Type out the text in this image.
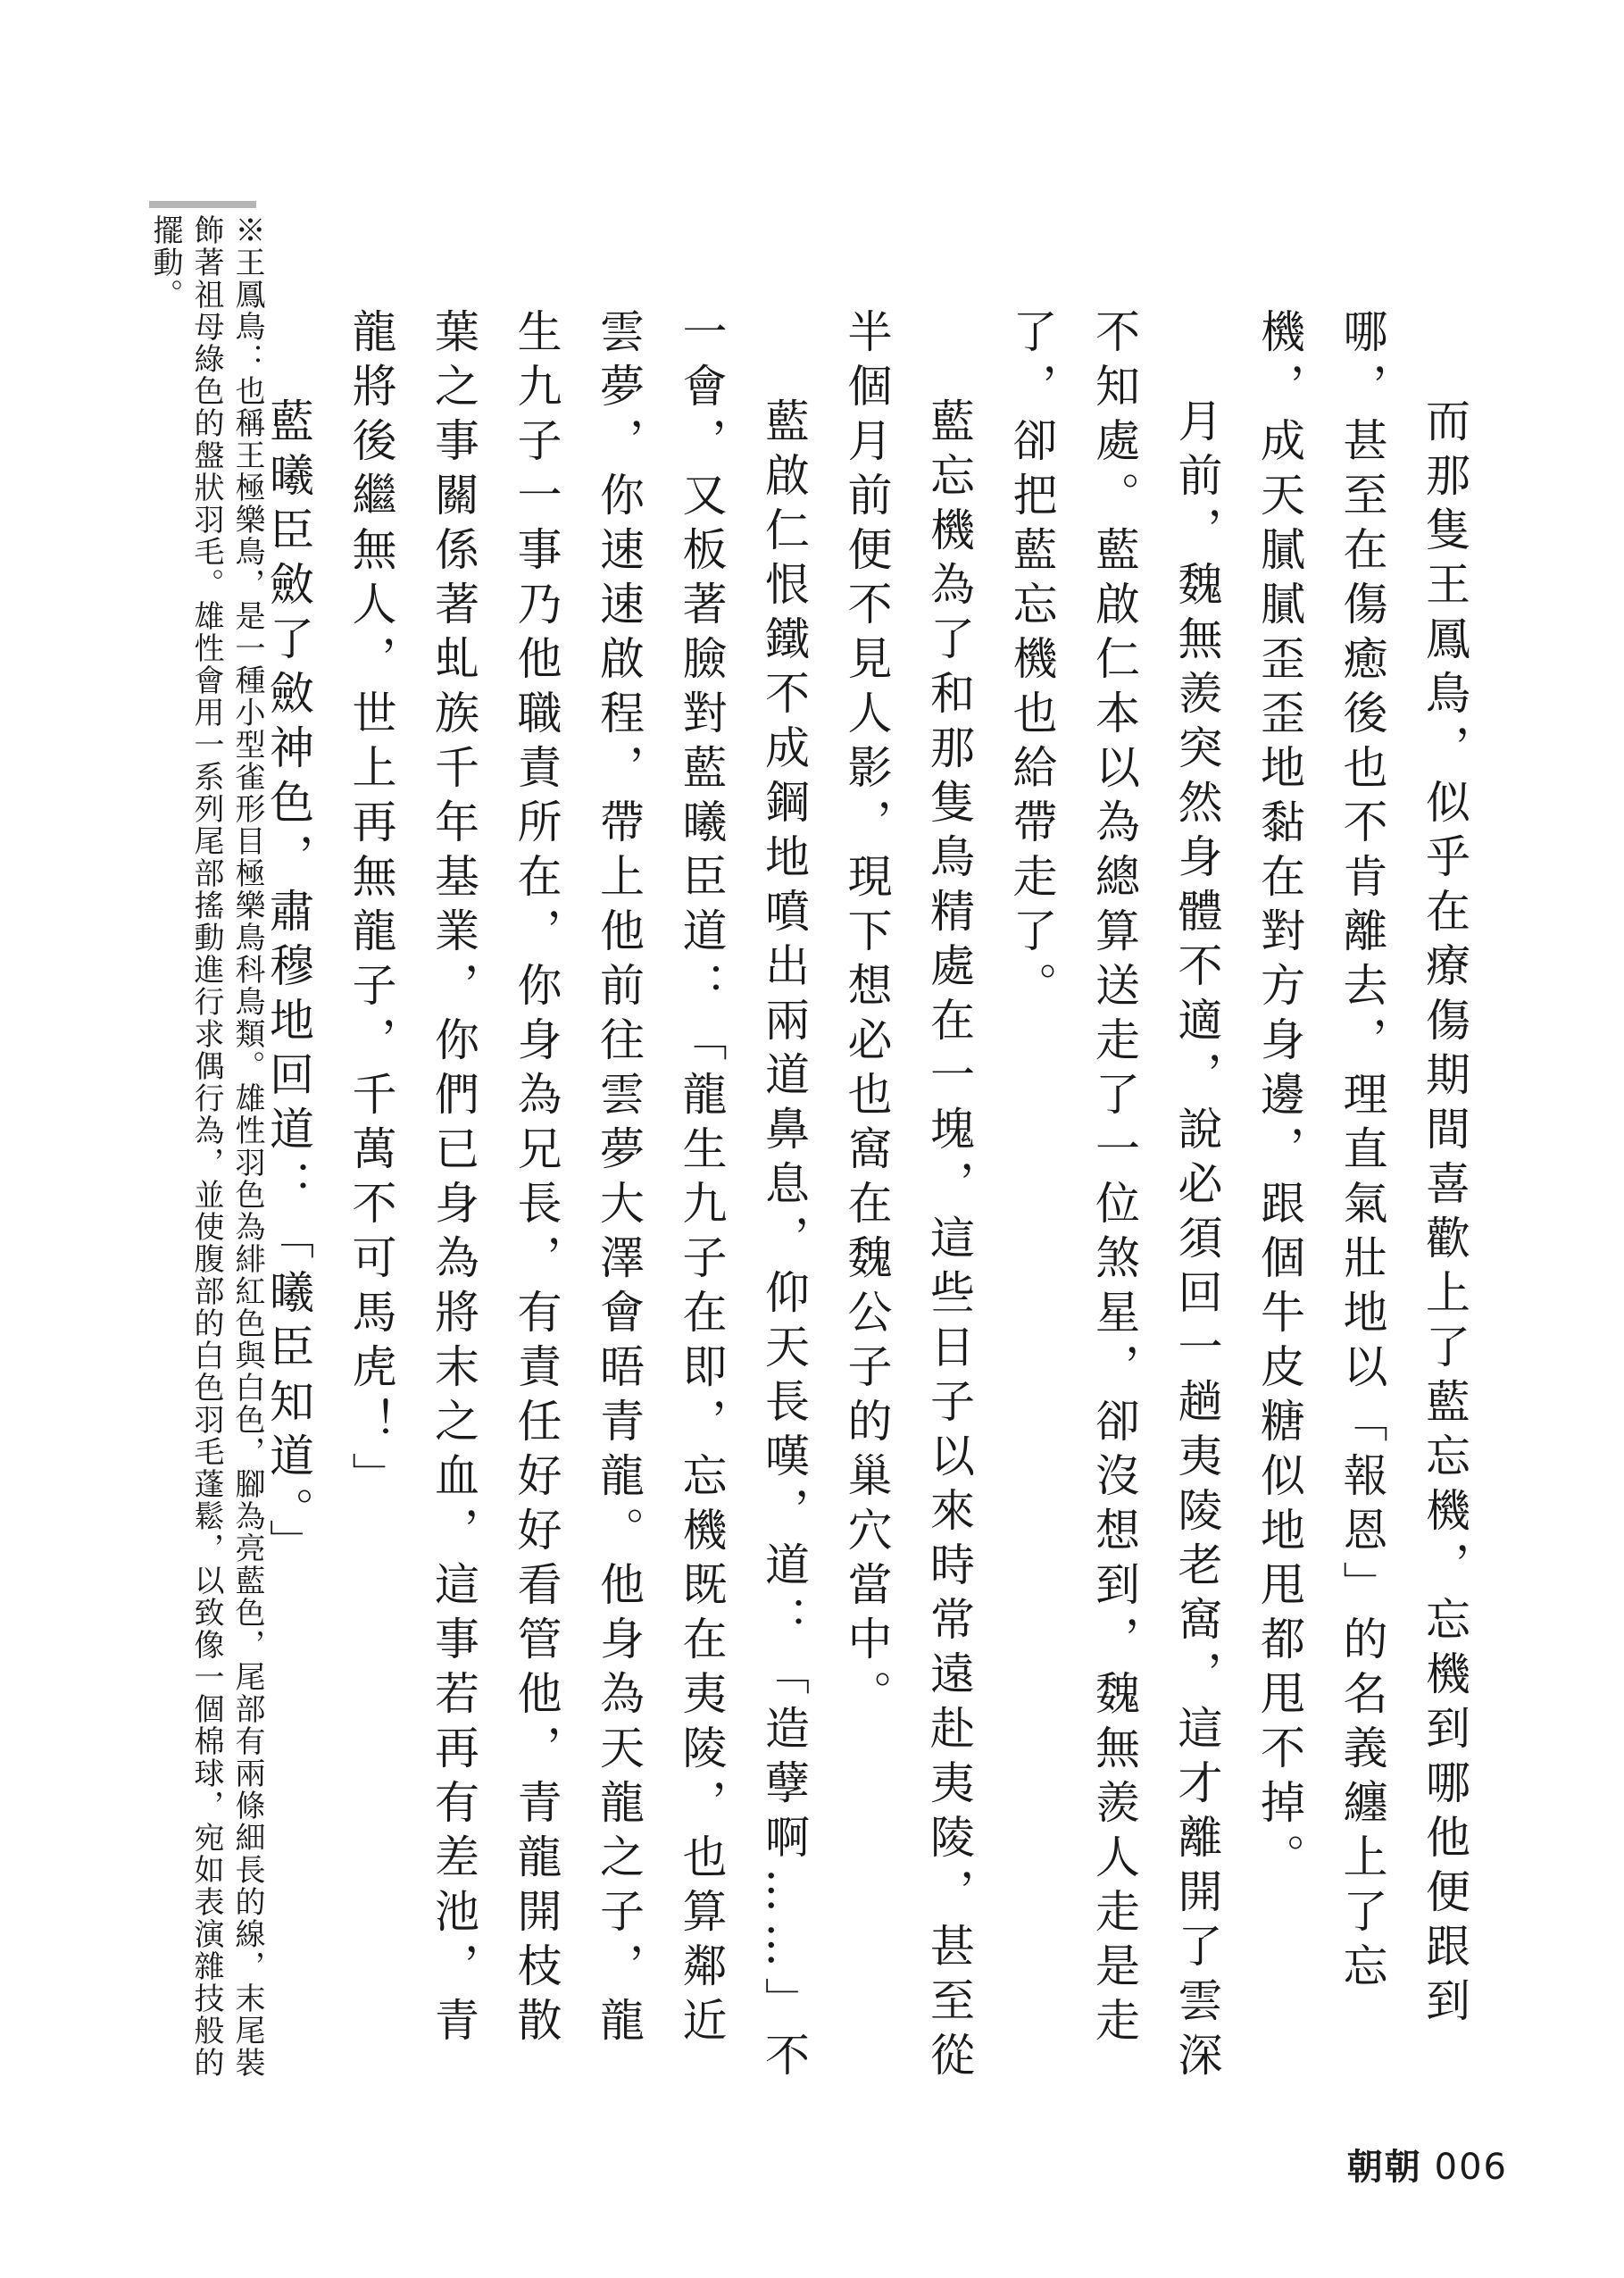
而那隻王鳳鳥，似乎在療傷期間喜歡上了藍忘機，忘機到哪他便跟到哪，甚至在傷癒後也不肯離去，理直氣壯地以「報恩」的名義纏上了忘機，成天膩膩歪歪地黏在對方身邊，跟個牛皮糖似地甩都甩不掉。

月前，魏無羨突然身體不適，說必須回一趟夷陵老窩，這才離開了雲深不知處。藍啟仁本以為總算送走了一位煞星，卻沒想到，魏無羨人走是走了，卻把藍忘機也給帶走了。

藍忘機為了和那隻鳥精處在一塊，這些日子以來時常遠赴夷陵，甚至從半個月前便不見人影，現下想必也窩在魏公子的巢穴當中。

藍啟仁恨鐵不成鋼地噴出兩道鼻息，仰天長嘆，道：「造孽啊……」不一會，又板著臉對藍曦臣道：「龍生九子在即，忘機既在夷陵，也算鄰近雲夢，你速速啟程，帶上他前往雲夢大澤會晤青龍。他身為天龍之子，龍生九子一事乃他職責所在，你身為兄長，有責任好好看管他，青龍開枝散葉之事關係著虬族千年基業，你們已身為將末之血，這事若再有差池，青龍將後繼無人，世上再無龍子，千萬不可馬虎！」

藍曦臣斂了斂神色，肅穆地回道：「曦臣知道。」

※王鳳鳥：也稱王極樂鳥，是一種小型雀形目極樂鳥科鳥類。雄性羽色為緋紅色與白色，腳為亮藍色，尾部有兩條細長的線，末尾裝飾著祖母綠色的盤狀羽毛。雄性會用一系列尾部搖動進行求偶行為，並使腹部的白色羽毛蓬鬆，以致像一個棉球，宛如表演雜技般的擺動。

朝朝 006
